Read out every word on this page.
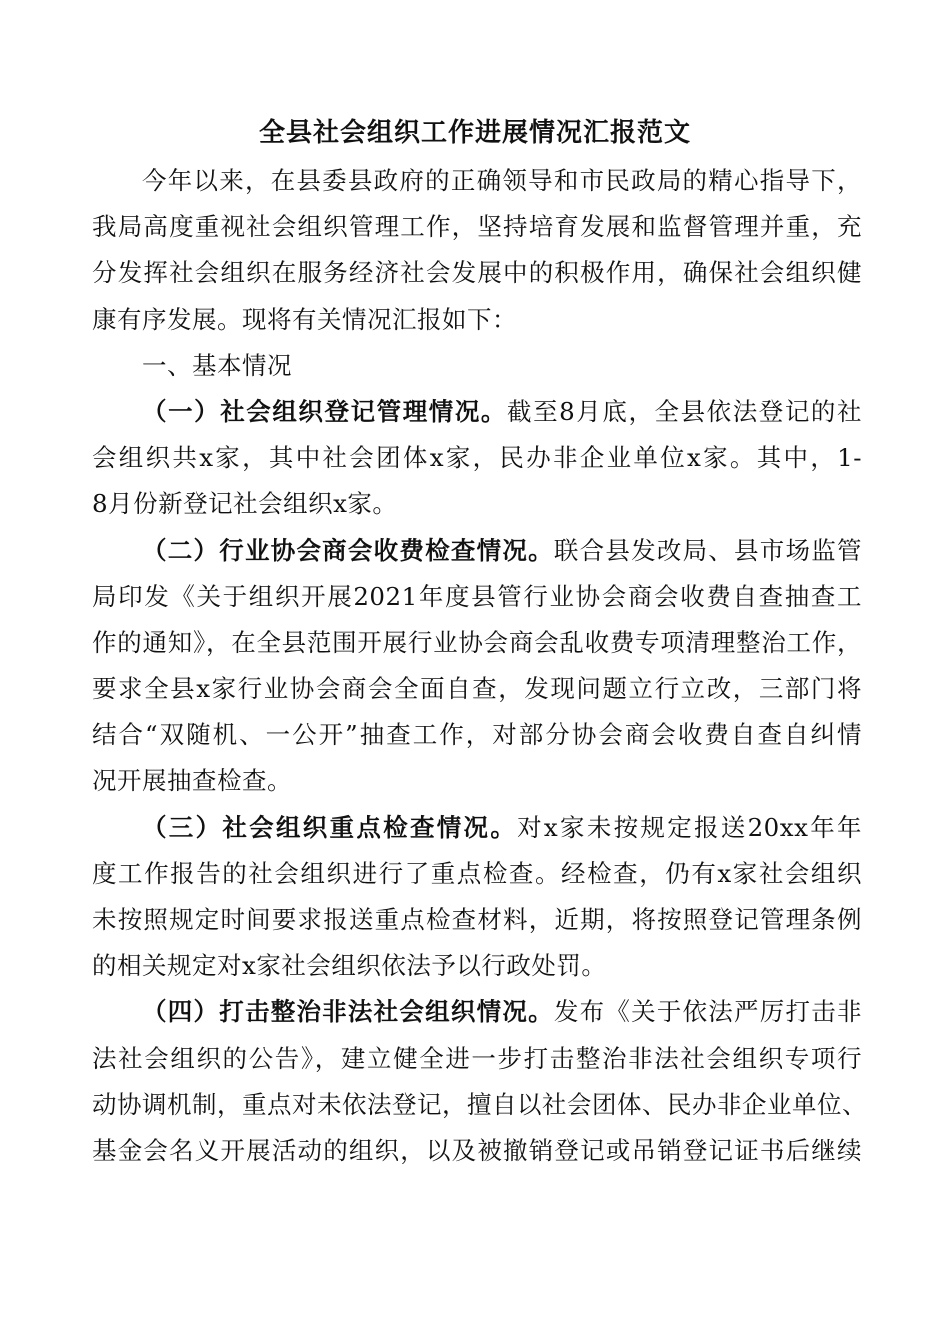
全县社会组织工作进展情况汇报范文
今年以来，在县委县政府的正确领导和市民政局的精心指导下，
我局高度重视社会组织管理工作，坚持培育发展和监督管理并重，充
分发挥社会组织在服务经济社会发展中的积极作用，确保社会组织健
康有序发展。现将有关情况汇报如下：
一、基本情况
（一）社会组织登记管理情况。截至8月底，全县依法登记的社
会组织共x家，其中社会团体x家，民办非企业单位x家。其中，1-
8月份新登记社会组织x家。
（二）行业协会商会收费检查情况。联合县发改局、县市场监管
局印发《关于组织开展2021年度县管行业协会商会收费自查抽查工
作的通知》，在全县范围开展行业协会商会乱收费专项清理整治工作，
要求全县x家行业协会商会全面自查，发现问题立行立改，三部门将
结合“双随机、一公开”抽查工作，对部分协会商会收费自查自纠情
况开展抽查检查。
（三）社会组织重点检查情况。对x家未按规定报送20xx年年
度工作报告的社会组织进行了重点检查。经检查，仍有x家社会组织
未按照规定时间要求报送重点检查材料，近期，将按照登记管理条例
的相关规定对x家社会组织依法予以行政处罚。
（四）打击整治非法社会组织情况。发布《关于依法严厉打击非
法社会组织的公告》，建立健全进一步打击整治非法社会组织专项行
动协调机制，重点对未依法登记，擅自以社会团体、民办非企业单位、
基金会名义开展活动的组织，以及被撤销登记或吊销登记证书后继续
